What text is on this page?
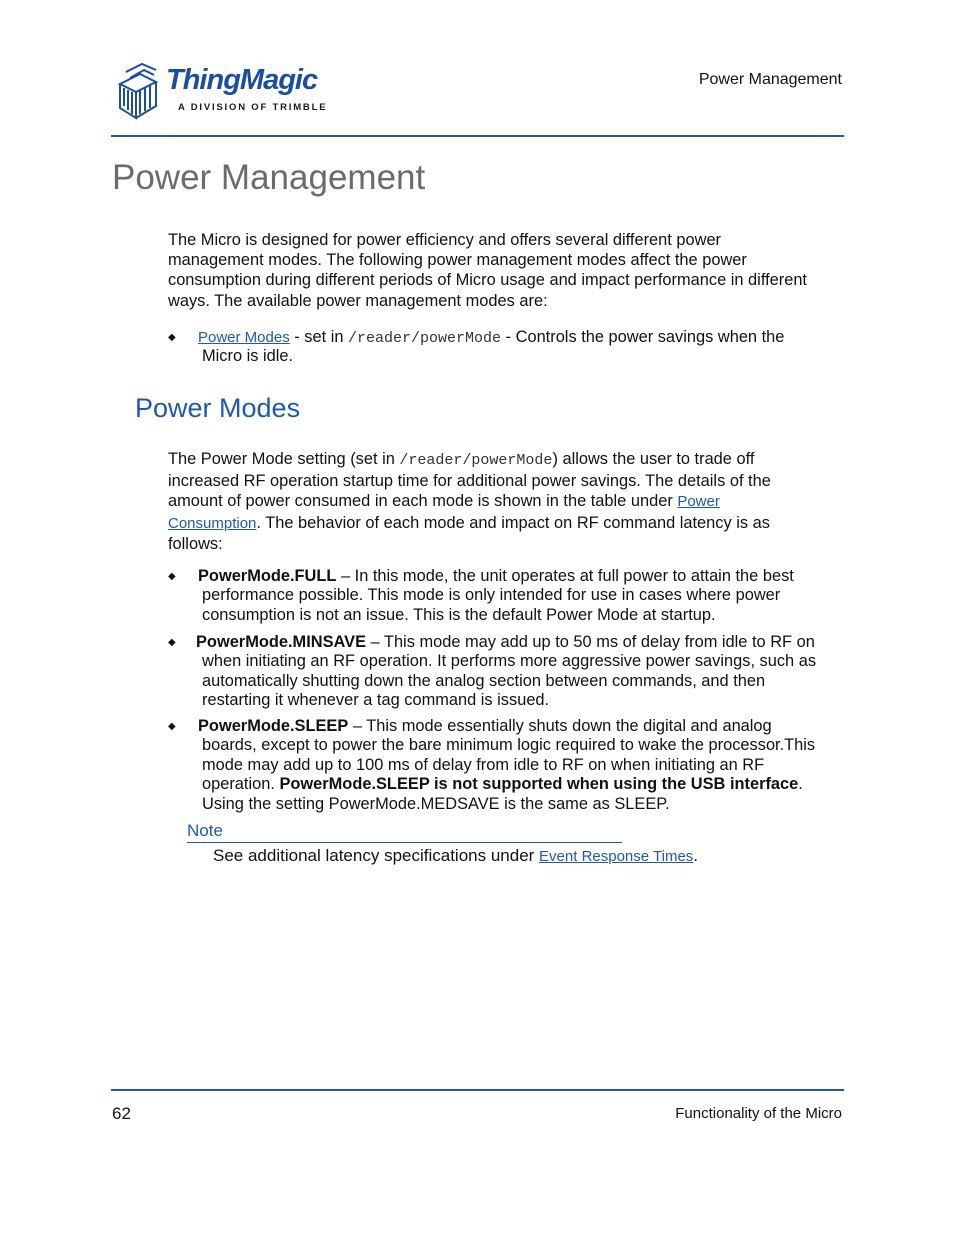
ThingMagic
A DIVISION OF TRIMBLE
Power Management
Power Management

The Micro is designed for power efficiency and offers several different power

management modes. The following power management modes affect the power

consumption during different periods of Micro usage and impact performance in different

ways. The available power management modes are:

◆ Power Modes - set in /reader/powerMode - Controls the power savings when the
Micro is idle.
Power Modes

The Power Mode setting (set in /reader/powerMode) allows the user to trade off

increased RF operation startup time for additional power savings. The details of the

amount of power consumed in each mode is shown in the table under Power

Consumption. The behavior of each mode and impact on RF command latency is as

follows:

◆ PowerMode.FULL – In this mode, the unit operates at full power to attain the best
performance possible. This mode is only intended for use in cases where power
consumption is not an issue. This is the default Power Mode at startup.
◆ PowerMode.MINSAVE – This mode may add up to 50 ms of delay from idle to RF on
when initiating an RF operation. It performs more aggressive power savings, such as
automatically shutting down the analog section between commands, and then
restarting it whenever a tag command is issued.
◆ PowerMode.SLEEP – This mode essentially shuts down the digital and analog
boards, except to power the bare minimum logic required to wake the processor.This
mode may add up to 100 ms of delay from idle to RF on when initiating an RF
operation. PowerMode.SLEEP is not supported when using the USB interface.
Using the setting PowerMode.MEDSAVE is the same as SLEEP.
Note
See additional latency specifications under Event Response Times.
62	Functionality of the Micro
